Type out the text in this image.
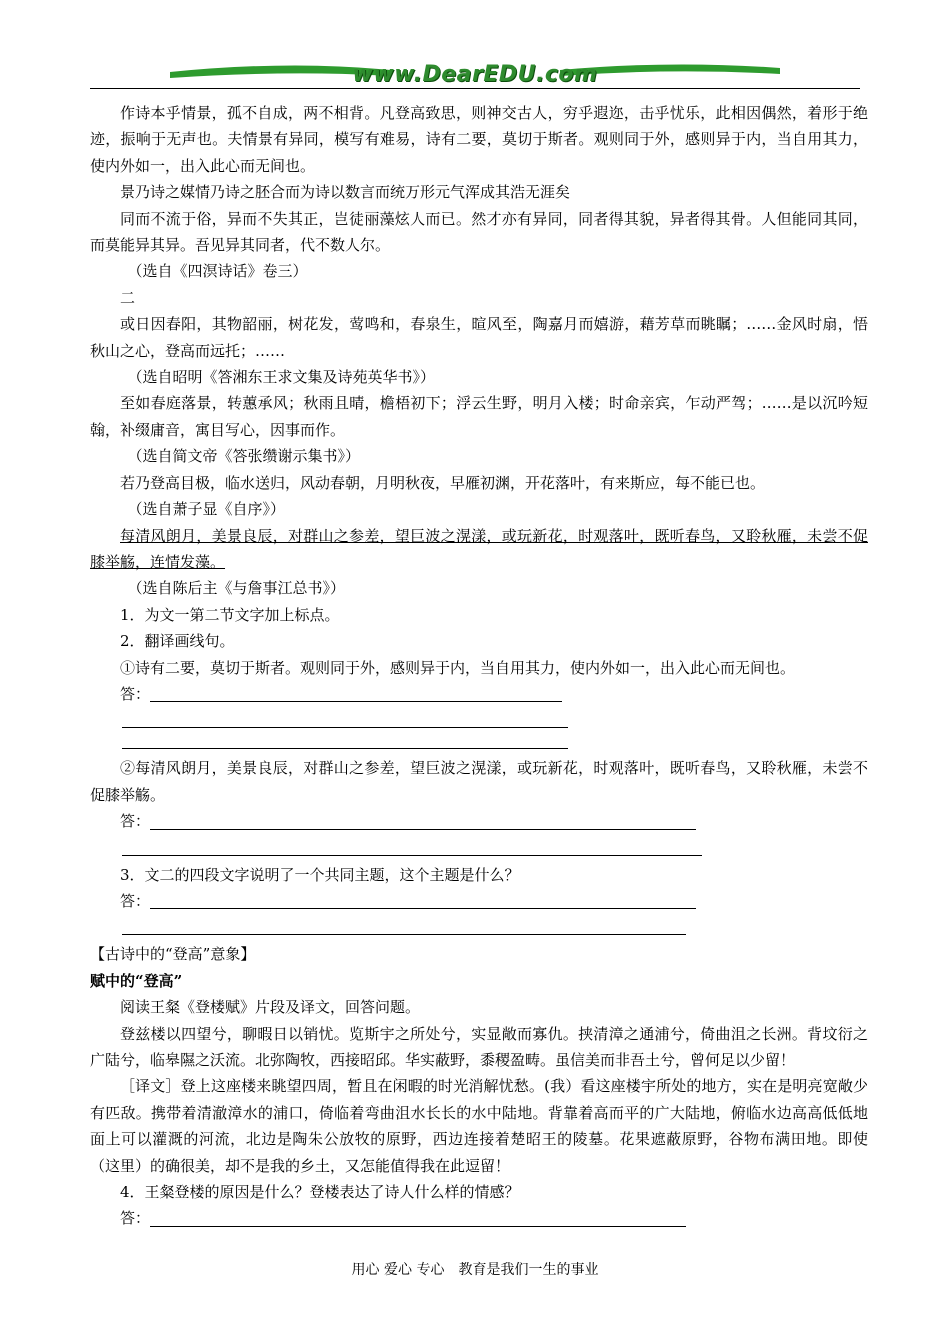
www.DearEDU.com

作诗本乎情景，孤不自成，两不相背。凡登高致思，则神交古人，穷乎遐迩，击乎忧乐，此相因偶然，着形于绝迹，振响于无声也。夫情景有异同，模写有难易，诗有二要，莫切于斯者。观则同于外，感则异于内，当自用其力，使内外如一，出入此心而无间也。

景乃诗之媒情乃诗之胚合而为诗以数言而统万形元气浑成其浩无涯矣

同而不流于俗，异而不失其正，岂徒丽藻炫人而已。然才亦有异同，同者得其貌，异者得其骨。人但能同其同，而莫能异其异。吾见异其同者，代不数人尔。

（选自《四溟诗话》卷三）

二

或日因春阳，其物韶丽，树花发，莺鸣和，春泉生，暄风至，陶嘉月而嬉游，藉芳草而眺瞩；……金风时扇，悟秋山之心，登高而远托；……

（选自昭明《答湘东王求文集及诗苑英华书》）

至如春庭落景，转蕙承风；秋雨且晴，檐梧初下；浮云生野，明月入楼；时命亲宾，乍动严驾；……是以沉吟短翰，补缀庸音，寓目写心，因事而作。

（选自简文帝《答张缵谢示集书》）

若乃登高目极，临水送归，风动春朝，月明秋夜，早雁初渊，开花落叶，有来斯应，每不能已也。

（选自萧子显《自序》）

每清风朗月，美景良辰，对群山之参差，望巨波之滉漾，或玩新花，时观落叶，既听春鸟，又聆秋雁，未尝不促膝举觞，连情发藻。

（选自陈后主《与詹事江总书》）

1．为文一第二节文字加上标点。

2．翻译画线句。

①诗有二要，莫切于斯者。观则同于外，感则异于内，当自用其力，使内外如一，出入此心而无间也。

答：

②每清风朗月，美景良辰，对群山之参差，望巨波之滉漾，或玩新花，时观落叶，既听春鸟，又聆秋雁，未尝不促膝举觞。

答：

3．文二的四段文字说明了一个共同主题，这个主题是什么？

答：

【古诗中的“登高”意象】

赋中的“登高”

阅读王粲《登楼赋》片段及译文，回答问题。

登兹楼以四望兮，聊暇日以销忧。览斯宇之所处兮，实显敞而寡仇。挟清漳之通浦兮，倚曲沮之长洲。背坟衍之广陆兮，临皋隰之沃流。北弥陶牧，西接昭邱。华实蔽野，黍稷盈畴。虽信美而非吾土兮，曾何足以少留！

［译文］登上这座楼来眺望四周，暂且在闲暇的时光消解忧愁。(我）看这座楼宇所处的地方，实在是明亮宽敞少有匹敌。携带着清澈漳水的浦口，倚临着弯曲沮水长长的水中陆地。背靠着高而平的广大陆地，俯临水边高高低低地面上可以灌溉的河流，北边是陶朱公放牧的原野，西边连接着楚昭王的陵墓。花果遮蔽原野，谷物布满田地。即使（这里）的确很美，却不是我的乡土，又怎能值得我在此逗留！

4．王粲登楼的原因是什么？登楼表达了诗人什么样的情感？

答：

用心 爱心 专心　教育是我们一生的事业
